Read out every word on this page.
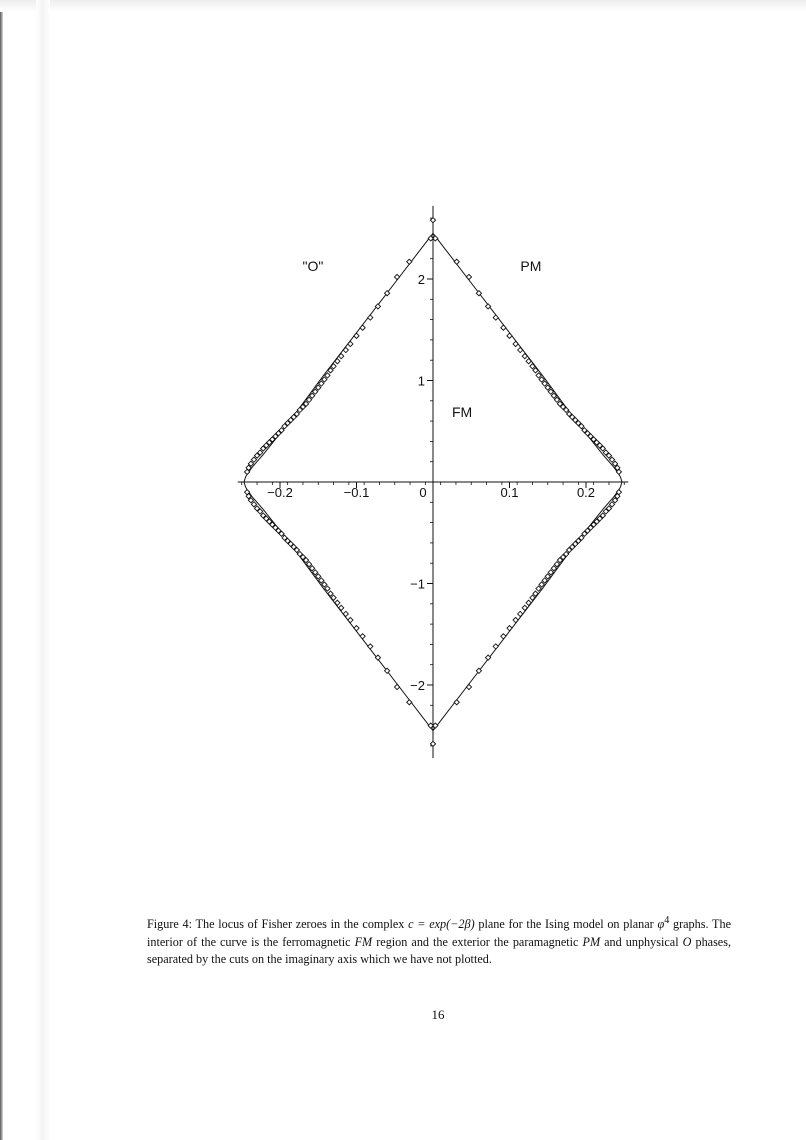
−0.2	−0.1	0	0.1	0.2
2
1
−1
−2
"O"	PM
FM
Figure 4: The locus of Fisher zeroes in the complex c = exp(−2β) plane for the Ising model on planar $\varphi^4$ graphs. The interior of the curve is the ferromagnetic FM region and the exterior the paramagnetic PM and unphysical O phases, separated by the cuts on the imaginary axis which we have not plotted.
16
